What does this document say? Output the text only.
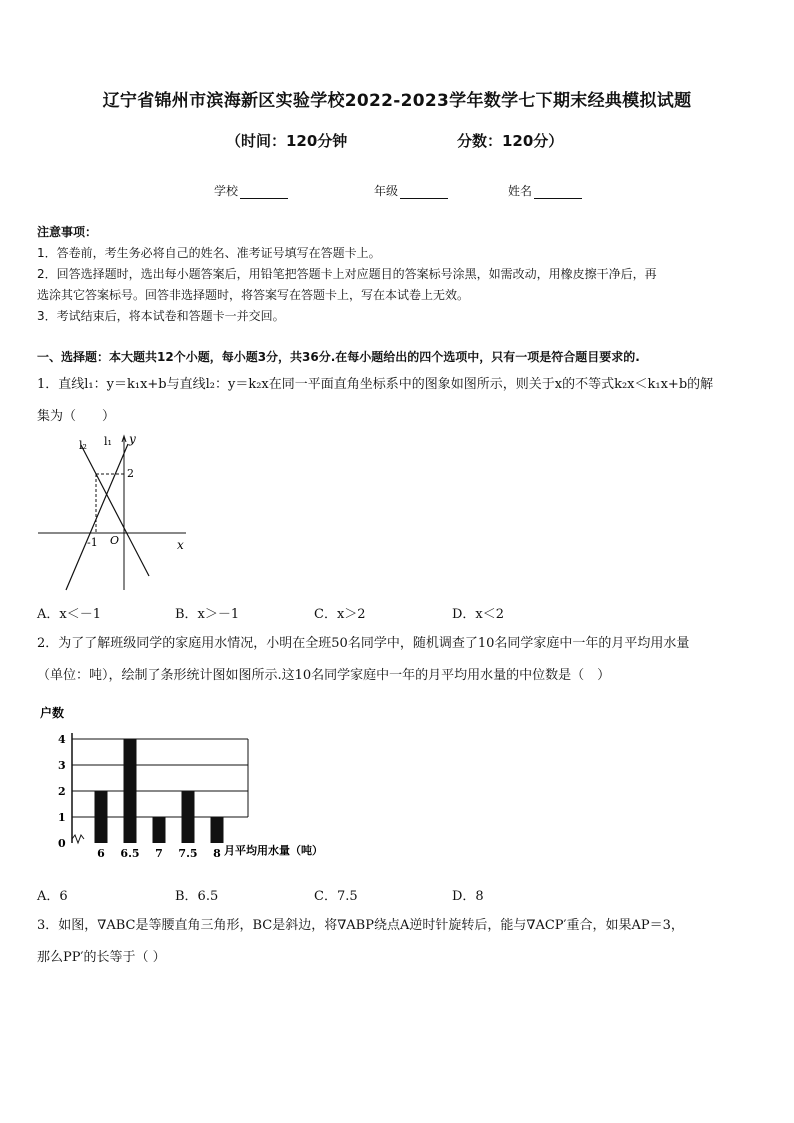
辽宁省锦州市滨海新区实验学校2022-2023学年数学七下期末经典模拟试题
（时间：120分钟	分数：120分）
学校	年级	姓名
注意事项：
1．答卷前，考生务必将自己的姓名、准考证号填写在答题卡上。
2．回答选择题时，选出每小题答案后，用铅笔把答题卡上对应题目的答案标号涂黑，如需改动，用橡皮擦干净后，再
选涂其它答案标号。回答非选择题时，将答案写在答题卡上，写在本试卷上无效。
3．考试结束后，将本试卷和答题卡一并交回。
一、选择题：本大题共12个小题，每小题3分，共36分.在每小题给出的四个选项中，只有一项是符合题目要求的.
1．直线l₁：y＝k₁x+b与直线l₂：y＝k₂x在同一平面直角坐标系中的图象如图所示，则关于x的不等式k₂x＜k₁x+b的解
集为（　　）
l₂ l₁ y
2
-1 O	x
A．x＜－1	B．x＞－1	C．x＞2	D．x＜2
2．为了了解班级同学的家庭用水情况，小明在全班50名同学中，随机调查了10名同学家庭中一年的月平均用水量
（单位：吨），绘制了条形统计图如图所示.这10名同学家庭中一年的月平均用水量的中位数是（　）
户数
月平均用水量（吨）
0
1
2
3
4
6 6.5 7 7.5 8
A．6	B．6.5	C．7.5	D．8
3．如图，∇ABC是等腰直角三角形，BC是斜边，将∇ABP绕点A逆时针旋转后，能与∇ACP′重合，如果AP＝3，
那么PP′的长等于（ ）
